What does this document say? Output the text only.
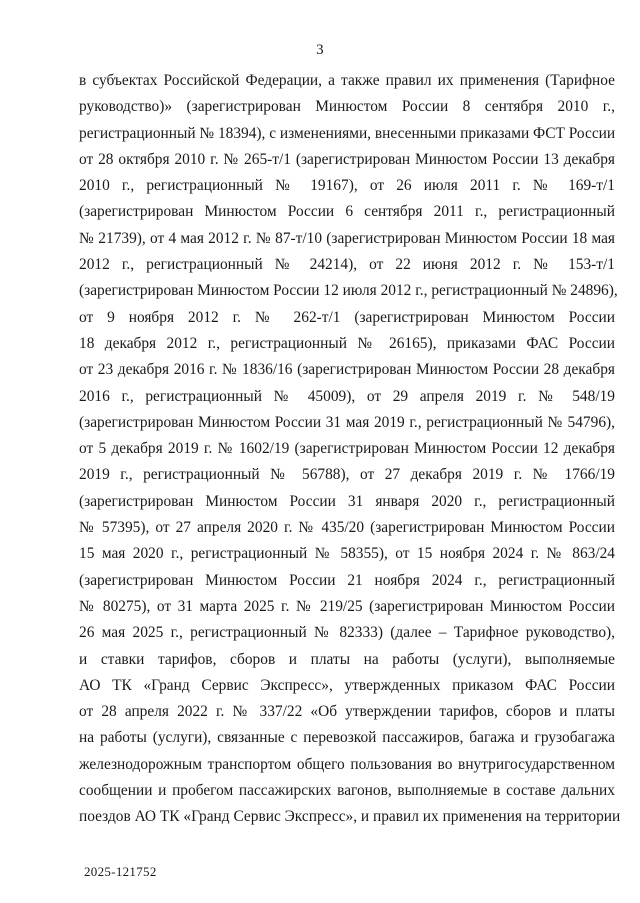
3
в субъектах Российской Федерации, а также правил их применения (Тарифное
руководство)» (зарегистрирован Минюстом России 8 сентября 2010 г.,
регистрационный № 18394), с изменениями, внесенными приказами ФСТ России
от 28 октября 2010 г. № 265-т/1 (зарегистрирован Минюстом России 13 декабря
2010 г., регистрационный № 19167), от 26 июля 2011 г. № 169-т/1
(зарегистрирован Минюстом России 6 сентября 2011 г., регистрационный
№ 21739), от 4 мая 2012 г. № 87-т/10 (зарегистрирован Минюстом России 18 мая
2012 г., регистрационный № 24214), от 22 июня 2012 г. № 153-т/1
(зарегистрирован Минюстом России 12 июля 2012 г., регистрационный № 24896),
от 9 ноября 2012 г. № 262-т/1 (зарегистрирован Минюстом России
18 декабря 2012 г., регистрационный № 26165), приказами ФАС России
от 23 декабря 2016 г. № 1836/16 (зарегистрирован Минюстом России 28 декабря
2016 г., регистрационный № 45009), от 29 апреля 2019 г. № 548/19
(зарегистрирован Минюстом России 31 мая 2019 г., регистрационный № 54796),
от 5 декабря 2019 г. № 1602/19 (зарегистрирован Минюстом России 12 декабря
2019 г., регистрационный № 56788), от 27 декабря 2019 г. № 1766/19
(зарегистрирован Минюстом России 31 января 2020 г., регистрационный
№ 57395), от 27 апреля 2020 г. № 435/20 (зарегистрирован Минюстом России
15 мая 2020 г., регистрационный № 58355), от 15 ноября 2024 г. № 863/24
(зарегистрирован Минюстом России 21 ноября 2024 г., регистрационный
№ 80275), от 31 марта 2025 г. № 219/25 (зарегистрирован Минюстом России
26 мая 2025 г., регистрационный № 82333) (далее – Тарифное руководство),
и ставки тарифов, сборов и платы на работы (услуги), выполняемые
АО ТК «Гранд Сервис Экспресс», утвержденных приказом ФАС России
от 28 апреля 2022 г. № 337/22 «Об утверждении тарифов, сборов и платы
на работы (услуги), связанные с перевозкой пассажиров, багажа и грузобагажа
железнодорожным транспортом общего пользования во внутригосударственном
сообщении и пробегом пассажирских вагонов, выполняемые в составе дальних
поездов АО ТК «Гранд Сервис Экспресс», и правил их применения на территории
2025-121752
